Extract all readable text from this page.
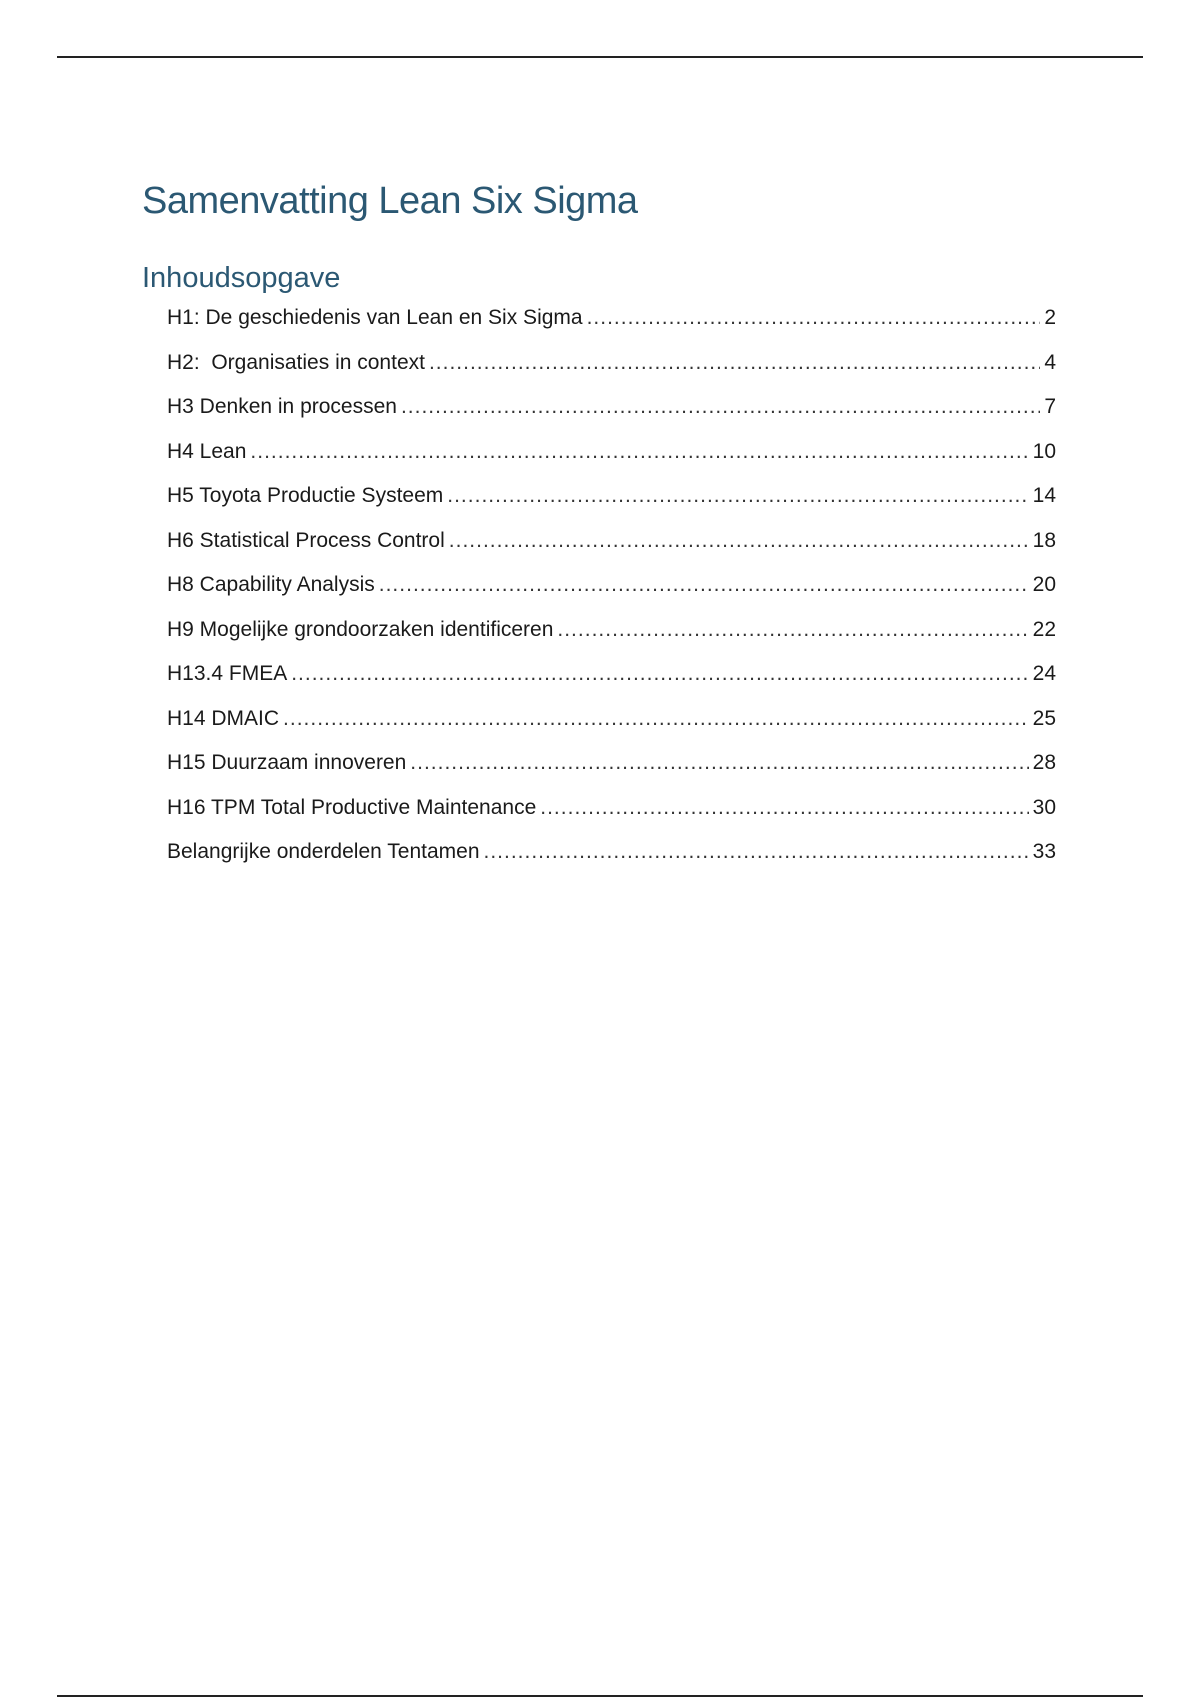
Samenvatting Lean Six Sigma
Inhoudsopgave
H1: De geschiedenis van Lean en Six Sigma .....	2
H2:  Organisaties in context .....	4
H3 Denken in processen .....	7
H4 Lean .....	10
H5 Toyota Productie Systeem .....	14
H6 Statistical Process Control .....	18
H8 Capability Analysis .....	20
H9 Mogelijke grondoorzaken identificeren .....	22
H13.4 FMEA .....	24
H14 DMAIC .....	25
H15 Duurzaam innoveren .....	28
H16 TPM Total Productive Maintenance .....	30
Belangrijke onderdelen Tentamen .....	33
